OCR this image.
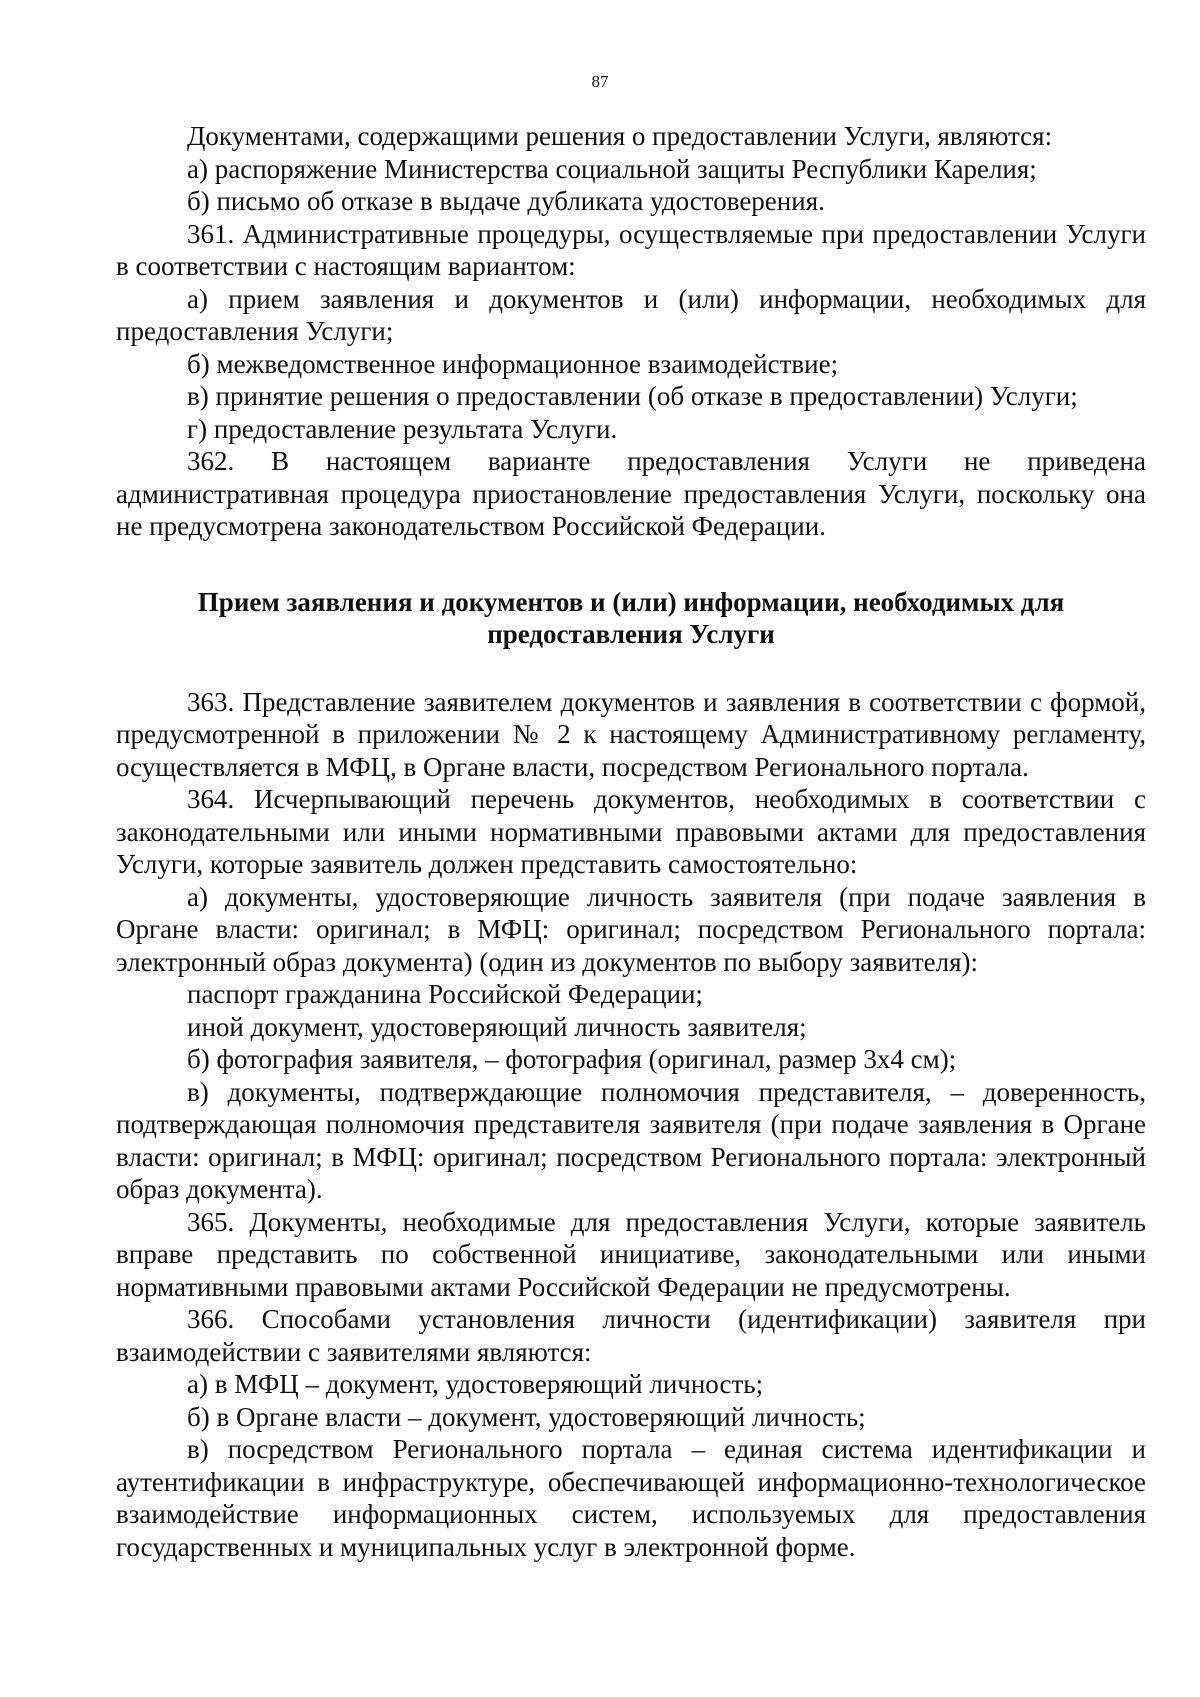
87

Документами, содержащими решения о предоставлении Услуги, являются:

а) распоряжение Министерства социальной защиты Республики Карелия;

б) письмо об отказе в выдаче дубликата удостоверения.

361. Административные процедуры, осуществляемые при предоставлении Услуги в соответствии с настоящим вариантом:

а) прием заявления и документов и (или) информации, необходимых для предоставления Услуги;

б) межведомственное информационное взаимодействие;

в) принятие решения о предоставлении (об отказе в предоставлении) Услуги;

г) предоставление результата Услуги.

362. В настоящем варианте предоставления Услуги не приведена административная процедура приостановление предоставления Услуги, поскольку она не предусмотрена законодательством Российской Федерации.

Прием заявления и документов и (или) информации, необходимых для
предоставления Услуги

363. Представление заявителем документов и заявления в соответствии с формой, предусмотренной в приложении № 2 к настоящему Административному регламенту, осуществляется в МФЦ, в Органе власти, посредством Регионального портала.

364. Исчерпывающий перечень документов, необходимых в соответствии с законодательными или иными нормативными правовыми актами для предоставления Услуги, которые заявитель должен представить самостоятельно:

а) документы, удостоверяющие личность заявителя (при подаче заявления в Органе власти: оригинал; в МФЦ: оригинал; посредством Регионального портала: электронный образ документа) (один из документов по выбору заявителя):

паспорт гражданина Российской Федерации;

иной документ, удостоверяющий личность заявителя;

б) фотография заявителя, – фотография (оригинал, размер 3х4 см);

в) документы, подтверждающие полномочия представителя, – доверенность, подтверждающая полномочия представителя заявителя (при подаче заявления в Органе власти: оригинал; в МФЦ: оригинал; посредством Регионального портала: электронный образ документа).

365. Документы, необходимые для предоставления Услуги, которые заявитель вправе представить по собственной инициативе, законодательными или иными нормативными правовыми актами Российской Федерации не предусмотрены.

366. Способами установления личности (идентификации) заявителя при взаимодействии с заявителями являются:

а) в МФЦ – документ, удостоверяющий личность;

б) в Органе власти – документ, удостоверяющий личность;

в) посредством Регионального портала – единая система идентификации и аутентификации в инфраструктуре, обеспечивающей информационно-технологическое взаимодействие информационных систем, используемых для предоставления государственных и муниципальных услуг в электронной форме.
